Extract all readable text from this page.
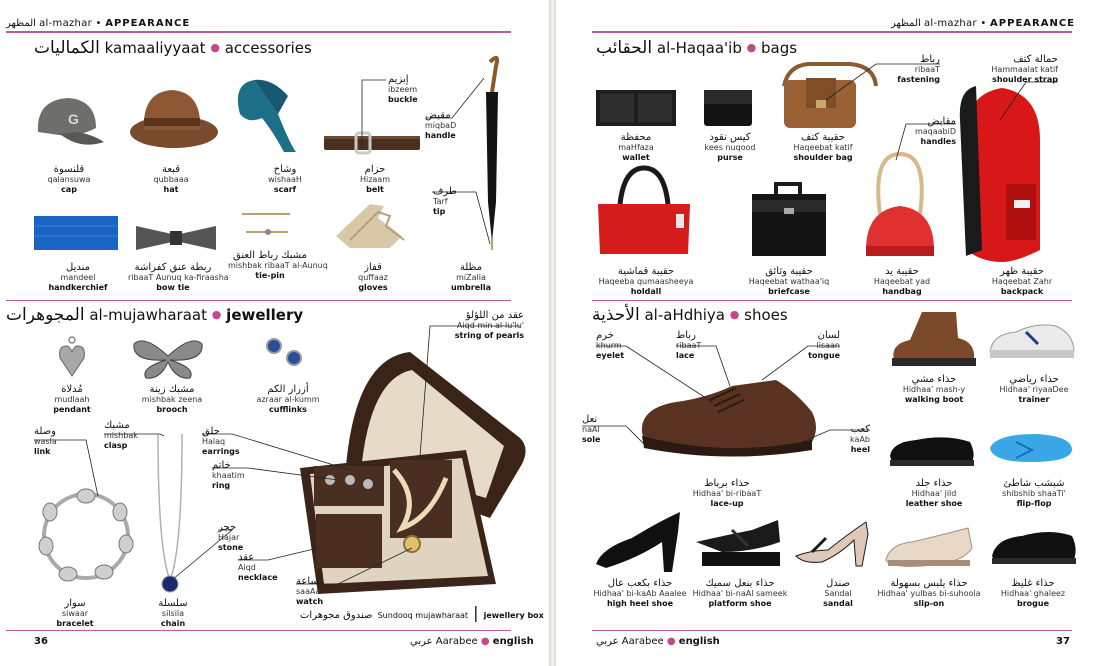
المظهر al-mazhar • APPEARANCE
الكماليات kamaaliyyaat ● accessories
G
قلنسوة
qalansuwa
cap
قبعة
qubbaaa
hat
وشاح
wishaaH
scarf
حزام
Hizaam
belt
إبزيم
ibzeem
buckle
مقبض
miqbaD
handle
طرف
Tarf
tip
منديل
mandeel
handkerchief
ربطة عنق كفراشة
ribaaT Aunuq ka-firaasha
bow tie
مشبك رباط العنق
mishbak ribaaT al-Aunuq
tie-pin
قفاز
quffaaz
gloves
مظلة
miZalla
umbrella
المجوهرات al-mujawharaat ● jewellery	عقد من اللؤلؤ
Aiqd min al-lu'lu'
string of pearls
مُدلاة
mudlaah
pendant
مشبك زينة
mishbak zeena
brooch
أزرار الكم
azraar al-kumm
cufflinks
وصلة
wasla
link
مشبك
mishbak
clasp
حلق
Halaq
earrings
خاتم
khaatim
ring
حجر
Hajar
stone
عقد
Aiqd
necklace ساعة
saaAa
watch
سوار
siwaar
bracelet
سلسلة
silsila
chain
صندوق مجوهرات Sundooq mujawharaat | jewellery box
36	عربي Aarabee ● english
المظهر al-mazhar • APPEARANCE
الحقائب al-Haqaa'ib ● bags
رباط
ribaaT
fastening
حمالة كتف
Hammaalat katif
shoulder strap
محفظة
maHfaza
wallet
كيس نقود
kees nuqood
purse
حقيبة كتف
Haqeebat katif
shoulder bag
مقابض
maqaabiD
handles
حقيبة قماشية
Haqeeba qumaasheeya
holdall
حقيبة وثائق
Haqeebat wathaa'iq
briefcase
حقيبة يد
Haqeebat yad
handbag
حقيبة ظهر
Haqeebat Zahr
backpack
الأحذية al-aHdhiya ● shoes
خرم
khurm
eyelet
رباط
ribaaT
lace
لسان
lisaan
tongue
نعل
naAl
sole
كعب
kaAb
heel
حذاء مشي
Hidhaa' mash-y
walking boot
حذاء رياضي
Hidhaa' riyaaDee
trainer
حذاء برباط
Hidhaa' bi-ribaaT
lace-up
حذاء جلد
Hidhaa' jild
leather shoe
شبشب شاطئ
shibshib shaaTi'
flip-flop
حذاء بكعب عال
Hidhaa' bi-kaAb Aaalee
high heel shoe
حذاء بنعل سميك
Hidhaa' bi-naAl sameek
platform shoe
صندل
Sandal
sandal
حذاء يلبس بسهولة
Hidhaa' yulbas bi-suhoola
slip-on
حذاء غليظ
Hidhaa' ghaleez
brogue
عربي Aarabee ● english	37
